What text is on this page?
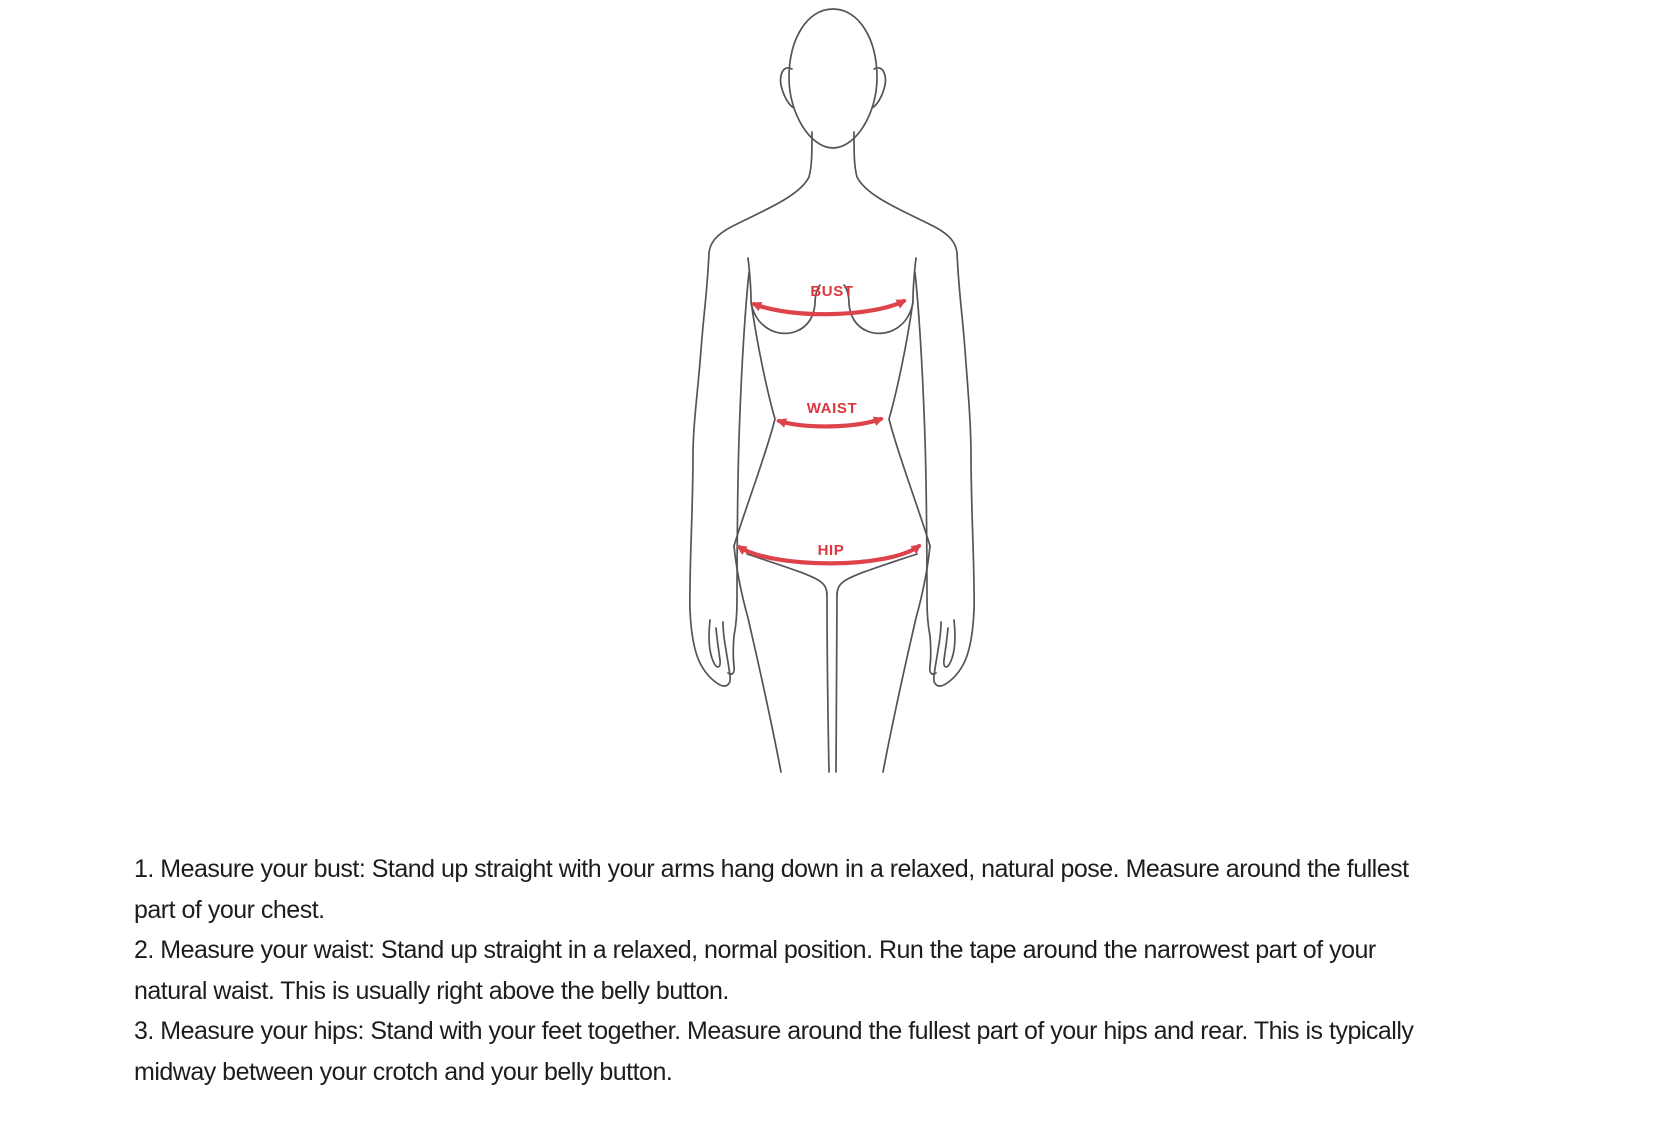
BUST
WAIST
HIP
1. Measure your bust: Stand up straight with your arms hang down in a relaxed, natural pose. Measure around the fullest
part of your chest.
2. Measure your waist: Stand up straight in a relaxed, normal position. Run the tape around the narrowest part of your
natural waist. This is usually right above the belly button.
3. Measure your hips: Stand with your feet together. Measure around the fullest part of your hips and rear. This is typically
midway between your crotch and your belly button.
